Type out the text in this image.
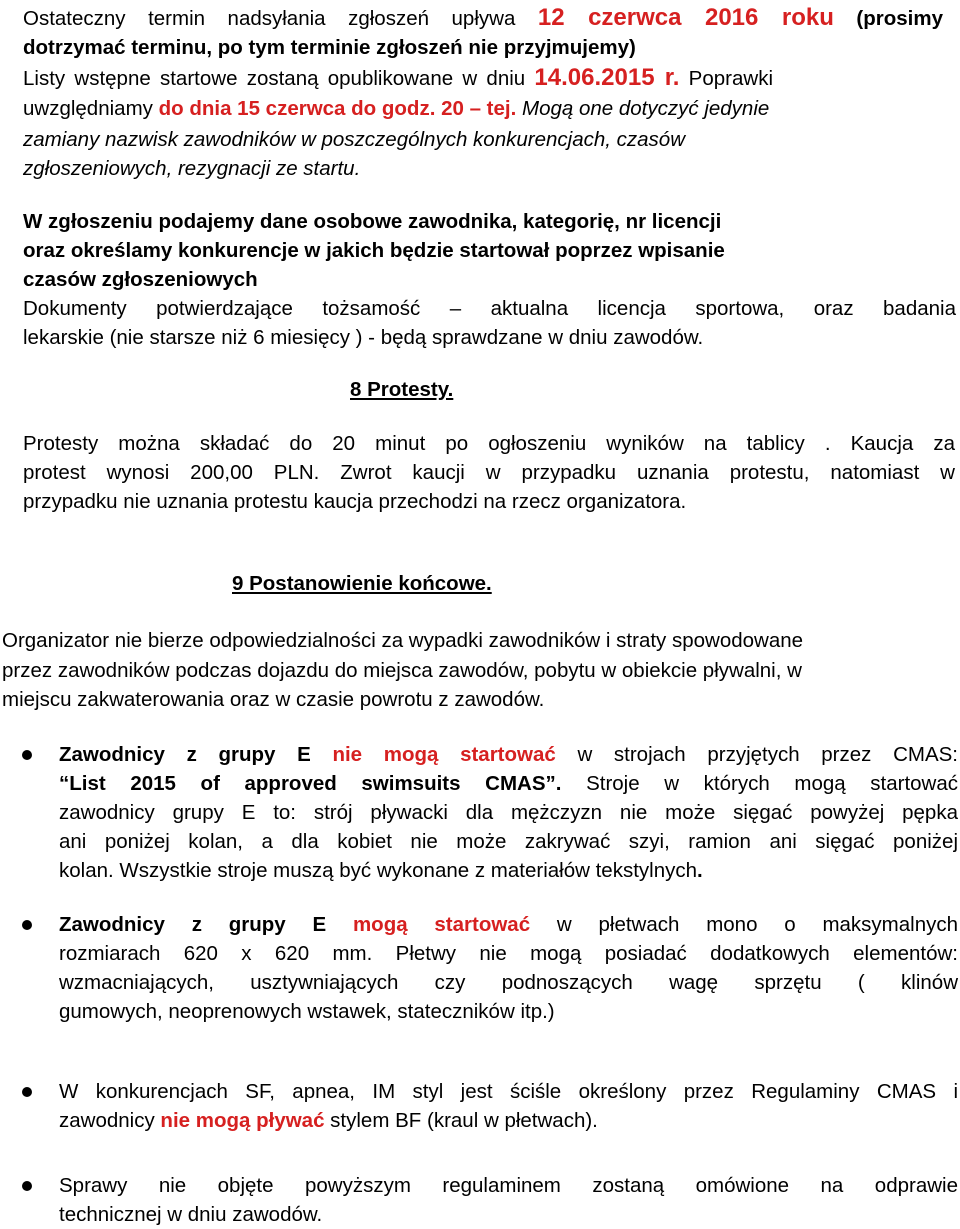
Ostateczny termin nadsyłania zgłoszeń upływa 12 czerwca 2016 roku (prosimy
dotrzymać terminu, po tym terminie zgłoszeń nie przyjmujemy)
Listy wstępne startowe zostaną opublikowane w dniu 14.06.2015 r. Poprawki
uwzględniamy do dnia 15 czerwca do godz. 20 – tej. Mogą one dotyczyć jedynie
zamiany nazwisk zawodników w poszczególnych konkurencjach, czasów
zgłoszeniowych, rezygnacji ze startu.
W zgłoszeniu podajemy dane osobowe zawodnika, kategorię, nr licencji
oraz określamy konkurencje w jakich będzie startował poprzez wpisanie
czasów zgłoszeniowych
Dokumenty potwierdzające tożsamość – aktualna licencja sportowa, oraz badania
lekarskie (nie starsze niż 6 miesięcy ) - będą sprawdzane w dniu zawodów.
8 Protesty.
Protesty można składać do 20 minut po ogłoszeniu wyników na tablicy . Kaucja za
protest wynosi 200,00 PLN. Zwrot kaucji w przypadku uznania protestu, natomiast w
przypadku nie uznania protestu kaucja przechodzi na rzecz organizatora.
9 Postanowienie końcowe.
Organizator nie bierze odpowiedzialności za wypadki zawodników i straty spowodowane
przez zawodników podczas dojazdu do miejsca zawodów, pobytu w obiekcie pływalni, w
miejscu zakwaterowania oraz w czasie powrotu z zawodów.
Zawodnicy z grupy E nie mogą startować w strojach przyjętych przez CMAS:
“List 2015 of approved swimsuits CMAS”. Stroje w których mogą startować
zawodnicy grupy E to: strój pływacki dla mężczyzn nie może sięgać powyżej pępka
ani poniżej kolan, a dla kobiet nie może zakrywać szyi, ramion ani sięgać poniżej
kolan. Wszystkie stroje muszą być wykonane z materiałów tekstylnych.
Zawodnicy z grupy E mogą startować w płetwach mono o maksymalnych
rozmiarach 620 x 620 mm. Płetwy nie mogą posiadać dodatkowych elementów:
wzmacniających, usztywniających czy podnoszących wagę sprzętu ( klinów
gumowych, neoprenowych wstawek, stateczników itp.)
W konkurencjach SF, apnea, IM styl jest ściśle określony przez Regulaminy CMAS i
zawodnicy nie mogą pływać stylem BF (kraul w płetwach).
Sprawy nie objęte powyższym regulaminem zostaną omówione na odprawie
technicznej w dniu zawodów.
